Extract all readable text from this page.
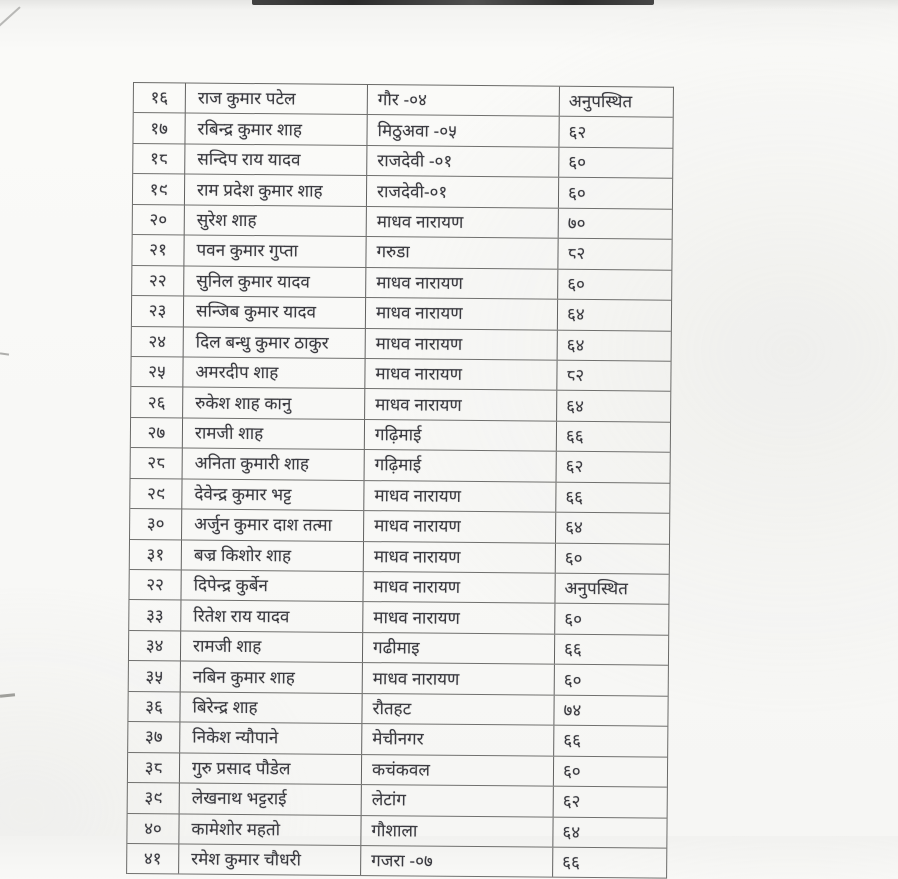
१६	राज कुमार पटेल	गौर -०४	अनुपस्थित
१७	रबिन्द्र कुमार शाह	मिठुअवा -०५	६२
१८	सन्दिप राय यादव	राजदेवी -०१	६०
१९	राम प्रदेश कुमार शाह	राजदेवी-०१	६०
२०	सुरेश शाह	माधव नारायण	७०
२१	पवन कुमार गुप्ता	गरुडा	८२
२२	सुनिल कुमार यादव	माधव नारायण	६०
२३	सन्जिब कुमार यादव	माधव नारायण	६४
२४	दिल बन्धु कुमार ठाकुर	माधव नारायण	६४
२५	अमरदीप शाह	माधव नारायण	८२
२६	रुकेश शाह कानु	माधव नारायण	६४
२७	रामजी शाह	गढ़िमाई	६६
२८	अनिता कुमारी शाह	गढ़िमाई	६२
२९	देवेन्द्र कुमार भट्ट	माधव नारायण	६६
३०	अर्जुन कुमार दाश तत्मा	माधव नारायण	६४
३१	बज्र किशोर शाह	माधव नारायण	६०
२२	दिपेन्द्र कुर्बेन	माधव नारायण	अनुपस्थित
३३	रितेश राय यादव	माधव नारायण	६०
३४	रामजी शाह	गढीमाइ	६६
३५	नबिन कुमार शाह	माधव नारायण	६०
३६	बिरेन्द्र शाह	रौतहट	७४
३७	निकेश न्यौपाने	मेचीनगर	६६
३८	गुरु प्रसाद पौडेल	कचंकवल	६०
३९	लेखनाथ भट्टराई	लेटांग	६२
४०	कामेशोर महतो	गौशाला	६४
४१	रमेश कुमार चौधरी	गजरा -०७	६६
